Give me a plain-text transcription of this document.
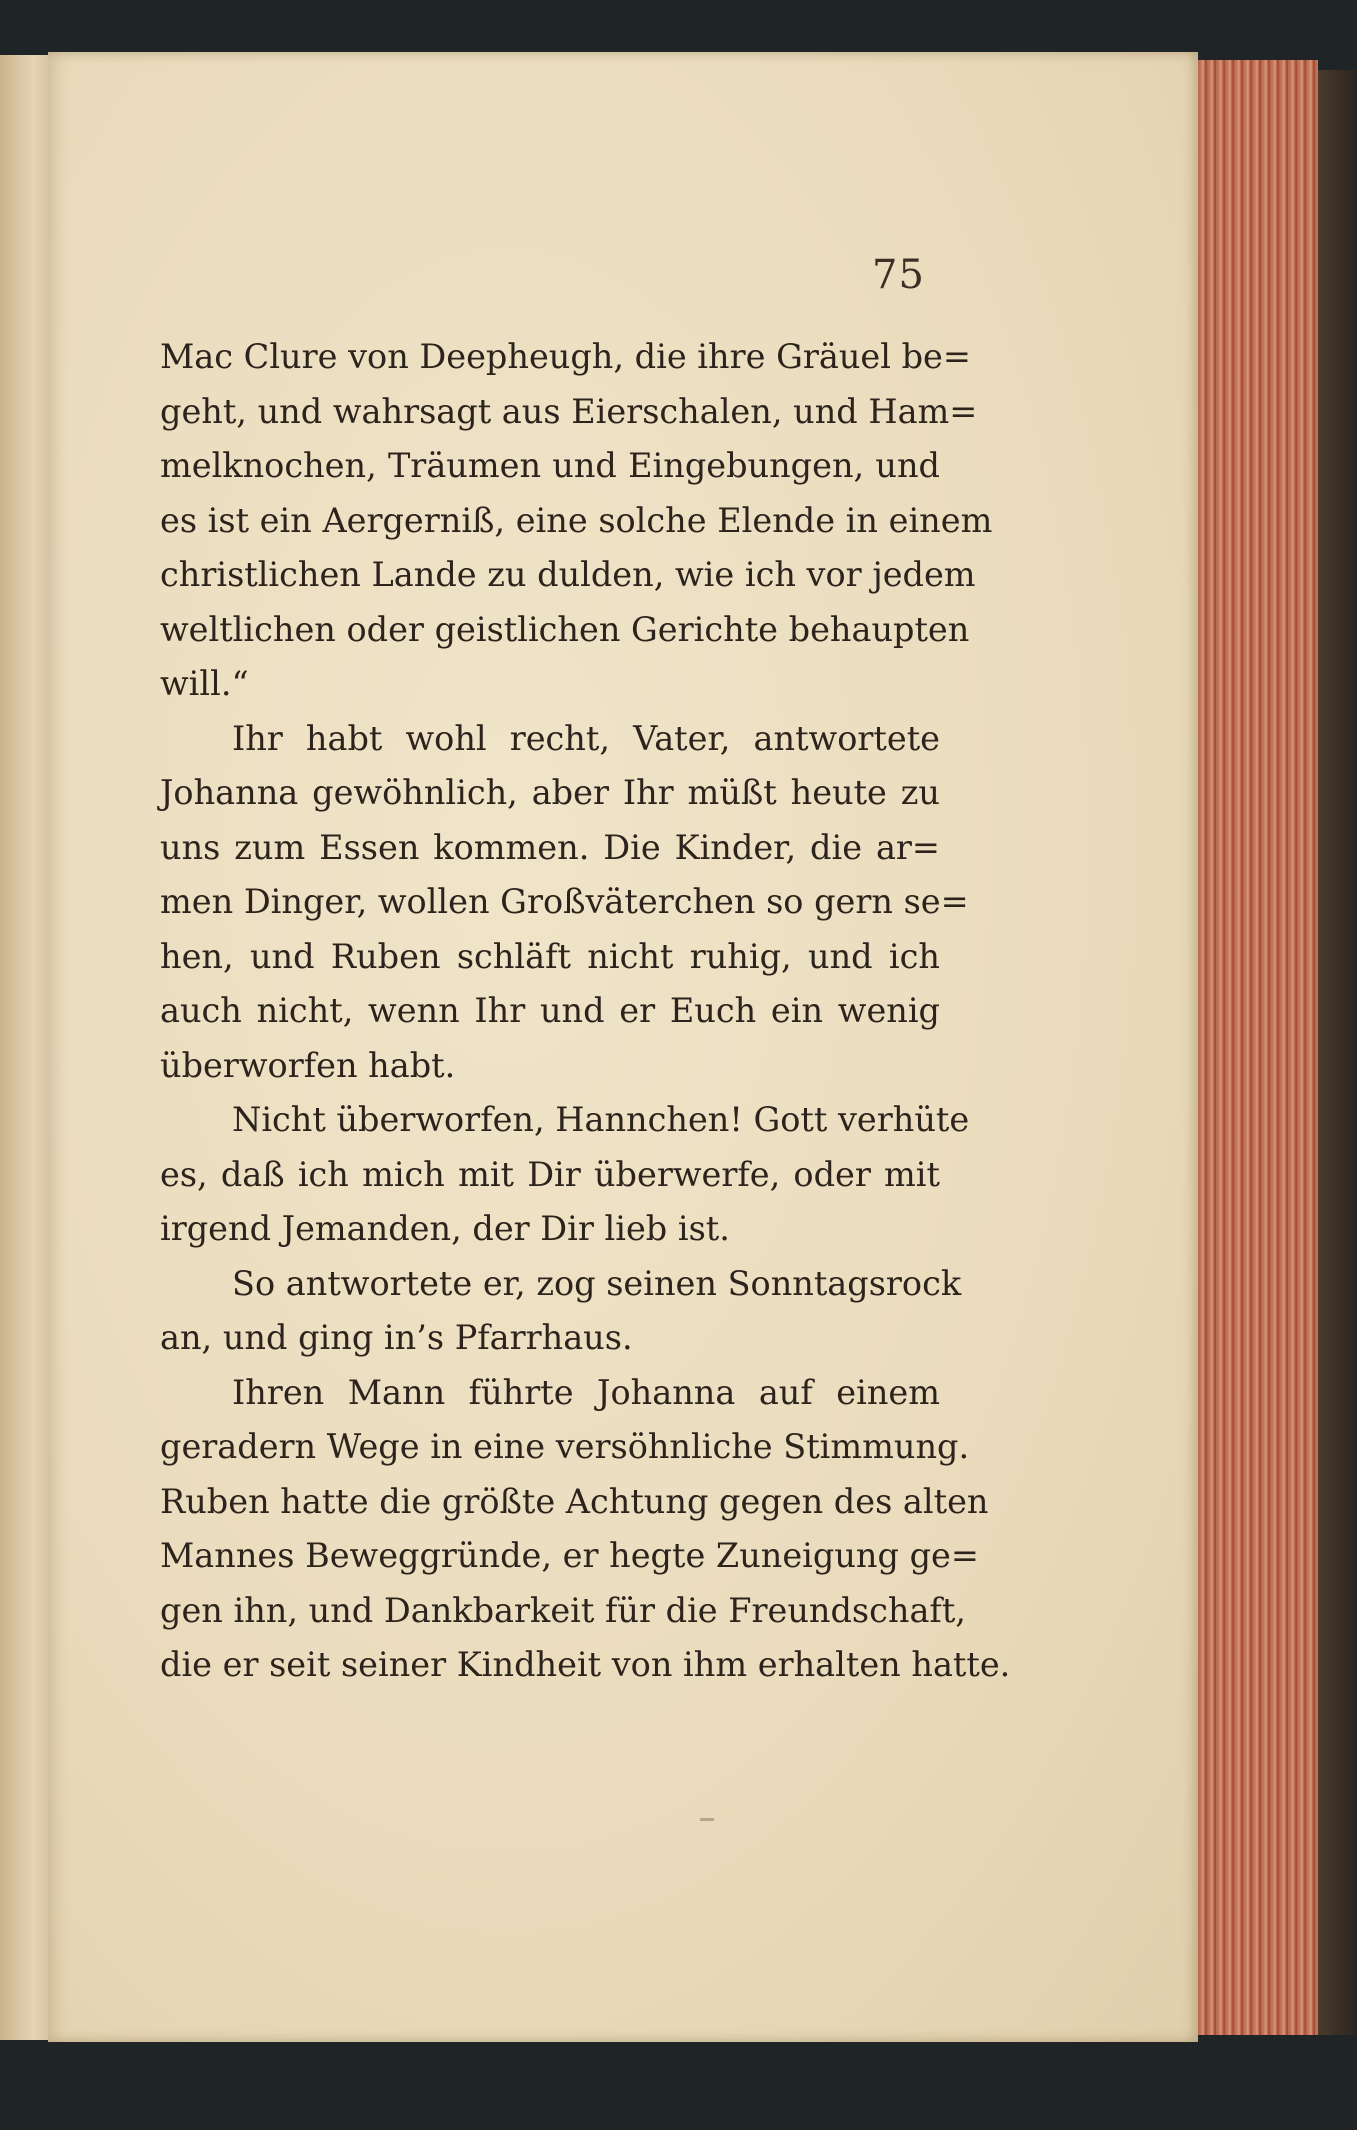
75
Mac Clure von Deepheugh, die ihre Gräuel be=
geht, und wahrsagt aus Eierschalen, und Ham=
melknochen, Träumen und Eingebungen, und
es ist ein Aergerniß, eine solche Elende in einem
christlichen Lande zu dulden, wie ich vor jedem
weltlichen oder geistlichen Gerichte behaupten
will.“
Ihr habt wohl recht, Vater, antwortete
Johanna gewöhnlich, aber Ihr müßt heute zu
uns zum Essen kommen. Die Kinder, die ar=
men Dinger, wollen Großväterchen so gern se=
hen, und Ruben schläft nicht ruhig, und ich
auch nicht, wenn Ihr und er Euch ein wenig
überworfen habt.
Nicht überworfen, Hannchen! Gott verhüte
es, daß ich mich mit Dir überwerfe, oder mit
irgend Jemanden, der Dir lieb ist.
So antwortete er, zog seinen Sonntagsrock
an, und ging in’s Pfarrhaus.
Ihren Mann führte Johanna auf einem
geradern Wege in eine versöhnliche Stimmung.
Ruben hatte die größte Achtung gegen des alten
Mannes Beweggründe, er hegte Zuneigung ge=
gen ihn, und Dankbarkeit für die Freundschaft,
die er seit seiner Kindheit von ihm erhalten hatte.
